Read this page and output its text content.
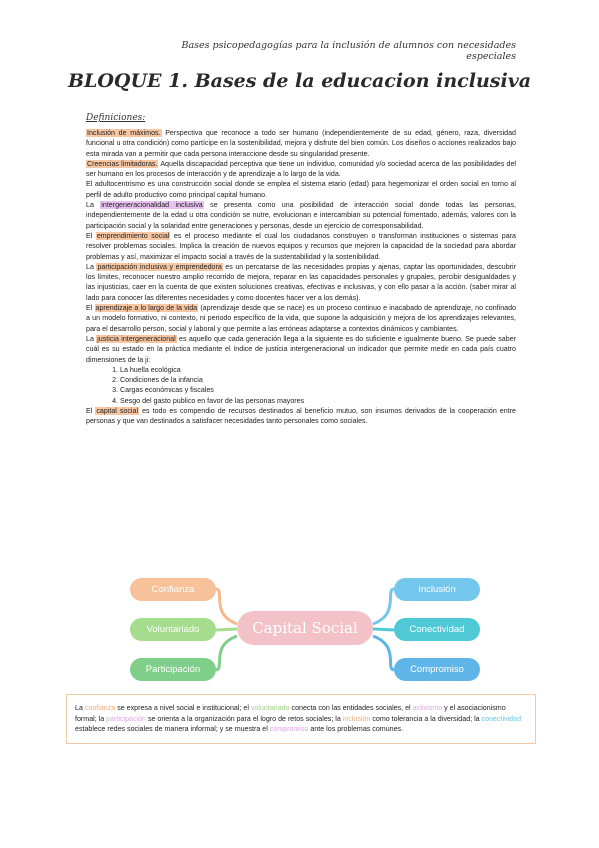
Bases psicopedagogías para la inclusión de alumnos con necesidades especiales
BLOQUE 1. Bases de la educacion inclusiva
Definiciones:

Inclusión de máximos. Perspectiva que reconoce a todo ser humano (independientemente de su edad, género, raza, diversidad funcional u otra condición) como partícipe en la sostenibilidad, mejora y disfrute del bien común. Los diseños o acciones realizados bajo esta mirada van a permitir que cada persona interaccione desde su singularidad presente.

Creencias limitadoras. Aquella discapacidad perceptiva que tiene un individuo, comunidad y/o sociedad acerca de las posibilidades del ser humano en los procesos de interacción y de aprendizaje a lo largo de la vida.

El adultocentrismo es una construcción social donde se emplea el sistema etario (edad) para hegemonizar el orden social en torno al perfil de adulto productivo como principal capital humano.

La intergeneracionalidad inclusiva se presenta como una posibilidad de interacción social donde todas las personas, independientemente de la edad u otra condición se nutre, evolucionan e intercambian su potencial fomentado, además, valores con la participación social y la solaridad entre generaciones y personas, desde un ejercicio de corresponsabilidad.

El emprendimiento social es el proceso mediante el cual los ciudadanos construyen o transforman instituciones o sistemas para resolver problemas sociales. Implica la creación de nuevos equipos y recursos que mejoren la capacidad de la sociedad para abordar problemas y así, maximizar el impacto social a través de la sustentabilidad y la sostenibilidad.

La participación inclusiva y emprendedora es un percatarse de las necesidades propias y ajenas, captar las oportunidades, descubrir los límites, reconocer nuestro amplio recorrido de mejora, reparar en las capacidades personales y grupales, percibir desigualdades y las injusticias, caer en la cuenta de que existen soluciones creativas, efectivas e inclusivas, y con ello pasar a la acción. (saber mirar al lado para conocer las diferentes necesidades y como docentes hacer ver a los demás).

El aprendizaje a lo largo de la vida (aprendizaje desde que se nace) es un proceso continuo e inacabado de aprendizaje, no confinado a un modelo formativo, ni contexto, ni periodo específico de la vida, que supone la adquisición y mejora de los aprendizajes relevantes, para el desarrollo person, social y laboral y que permite a las erróneas adaptarse a contextos dinámicos y cambiantes.

La justicia intergeneracional es aquello que cada generación llega a la siguiente es do suficiente e igualmente bueno. Se puede saber cuál es su estado en la práctica mediante el índice de justicia intergeneracional un indicador que permite medir en cada país cuatro dimensiones de la ji:

1. La huella ecológica
2. Condiciones de la infancia
3. Cargas económicas y fiscales
4. Sesgo del gasto publico en favor de las personas mayores

El capital social es todo es compendio de recursos destinados al beneficio mutuo, son insumos derivados de la cooperación entre personas y que van destinados a satisfacer necesidades tanto personales como sociales.

Confianza
Voluntariado
Participación
Capital Social
Inclusión
Conectividad
Compromiso
La confianza se expresa a nivel social e institucional; el voluntariado conecta con las entidades sociales, el activismo y el asociacionismo formal; la participación se orienta a la organización para el logro de retos sociales; la inclusión como tolerancia a la diversidad; la conectividad establece redes sociales de manera informal; y se muestra el compromiso ante los problemas comunes.
